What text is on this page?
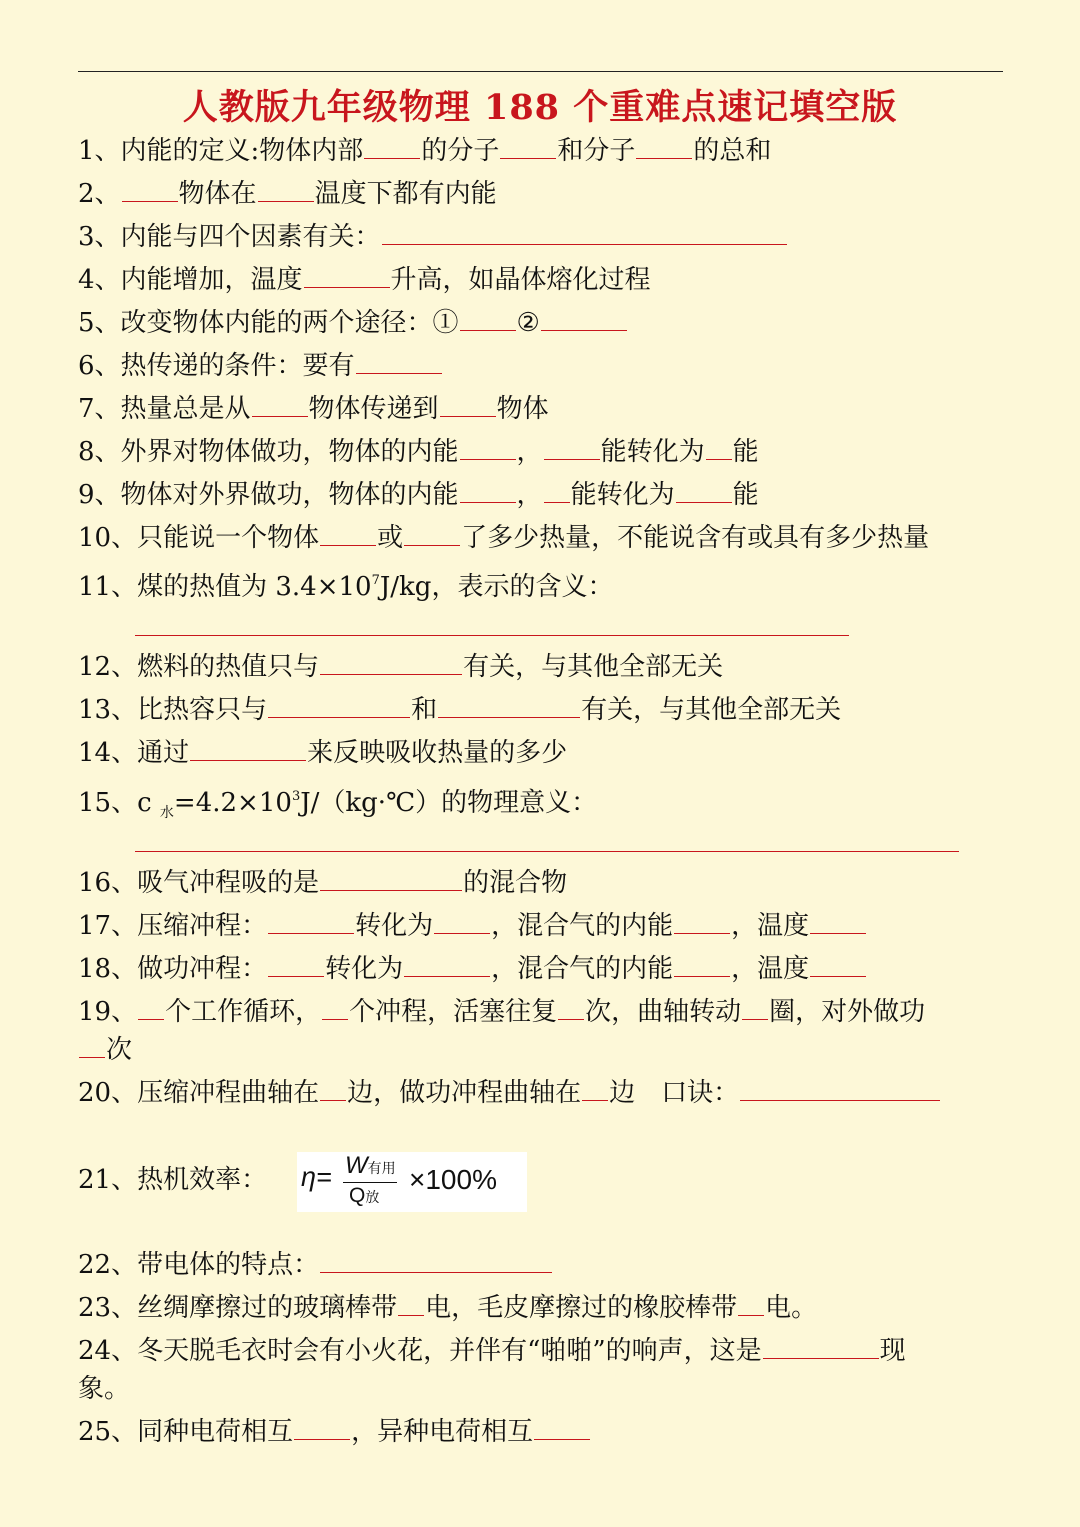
人教版九年级物理 188 个重难点速记填空版
1、内能的定义:物体内部 的分子 和分子 的总和
2、 物体在 温度下都有内能
3、内能与四个因素有关：
4、内能增加，温度	升高，如晶体熔化过程
5、改变物体内能的两个途径：① ②
6、热传递的条件：要有
7、热量总是从 物体传递到 物体
8、外界对物体做功，物体的内能 ， 能转化为 能
9、物体对外界做功，物体的内能 ， 能转化为 能
10、只能说一个物体 或 了多少热量，不能说含有或具有多少热量
11、煤的热值为 $3.4\times 10^7J/kg$，表示的含义：
12、燃料的热值只与	有关，与其他全部无关
13、比热容只与	和	有关，与其他全部无关
14、通过	来反映吸收热量的多少
15、c $_水=4.2\times 10^3J/(kg\cdot℃)$的物理意义：
16、吸气冲程吸的是	的混合物
17、压缩冲程：	转化为 ，混合气的内能 ，温度
18、做功冲程： 转化为	，混合气的内能 ，温度
19、 个工作循环， 个冲程，活塞往复 次，曲轴转动 圈，对外做功
次
20、压缩冲程曲轴在 边，做功冲程曲轴在 边　口诀：
21、热机效率： η= W有用
Q放
×100%
22、带电体的特点：
23、丝绸摩擦过的玻璃棒带 电，毛皮摩擦过的橡胶棒带 电。
24、冬天脱毛衣时会有小火花，并伴有“啪啪”的响声，这是	现
象。
25、同种电荷相互 ，异种电荷相互
